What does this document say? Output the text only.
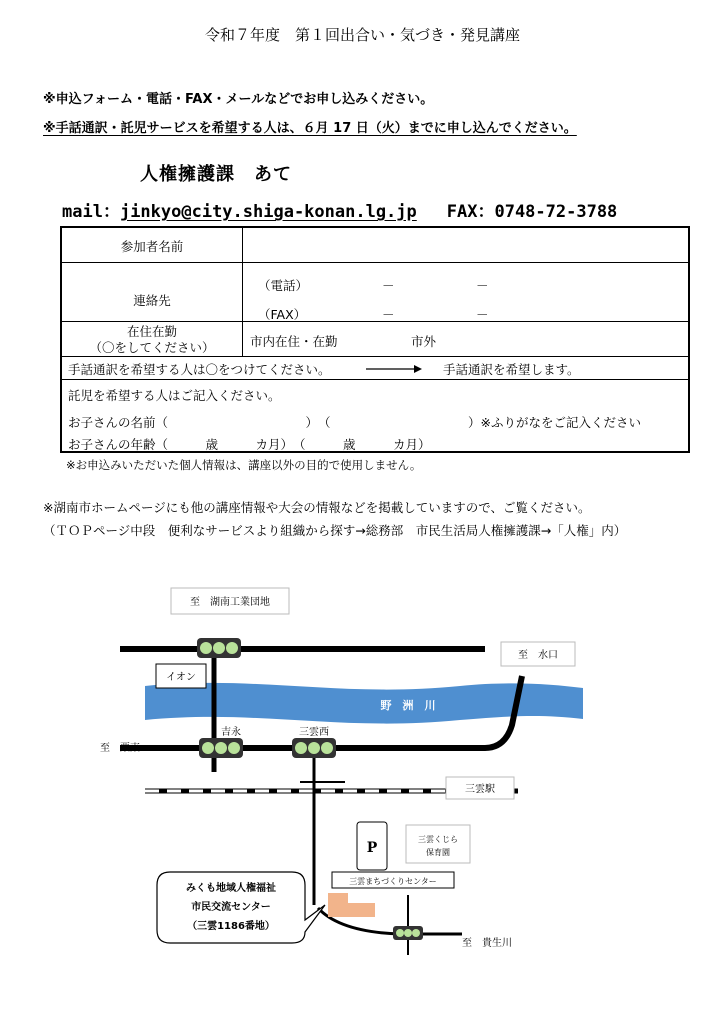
令和７年度　第１回出合い・気づき・発見講座
※申込フォーム・電話・FAX・メールなどでお申し込みください。
※手話通訳・託児サービスを希望する人は、６月 17 日（火）までに申し込んでください。
人権擁護課　あて
mail：jinkyo@city.shiga-konan.lg.jp FAX：0748-72-3788
参加者名前
連絡先
（電話）	－	－
（FAX）	－	－
在住在勤
（〇をしてください）	市内在住・在勤	市外
手話通訳を希望する人は〇をつけてください。	手話通訳を希望します。
託児を希望する人はご記入ください。
お子さんの名前（　　　　　　　　　　　）　（　　　　　　　　　　　）※ふりがなをご記入ください
お子さんの年齢（　　　歳　　　カ月）　（　　　歳　　　カ月）
※お申込みいただいた個人情報は、講座以外の目的で使用しません。
※湖南市ホームページにも他の講座情報や大会の情報などを掲載していますので、ご覧ください。
（ＴＯＰページ中段　便利なサービスより組織から探す→総務部　市民生活局人権擁護課→「人権」内）
至　湖南工業団地
至　水口
イオン
野　洲　川
吉永	三雲西
至　栗東
三雲駅
P
三雲くじら
保育園
三雲まちづくりセンター
みくも地域人権福祉
市民交流センター
（三雲1186番地）
至　貴生川
